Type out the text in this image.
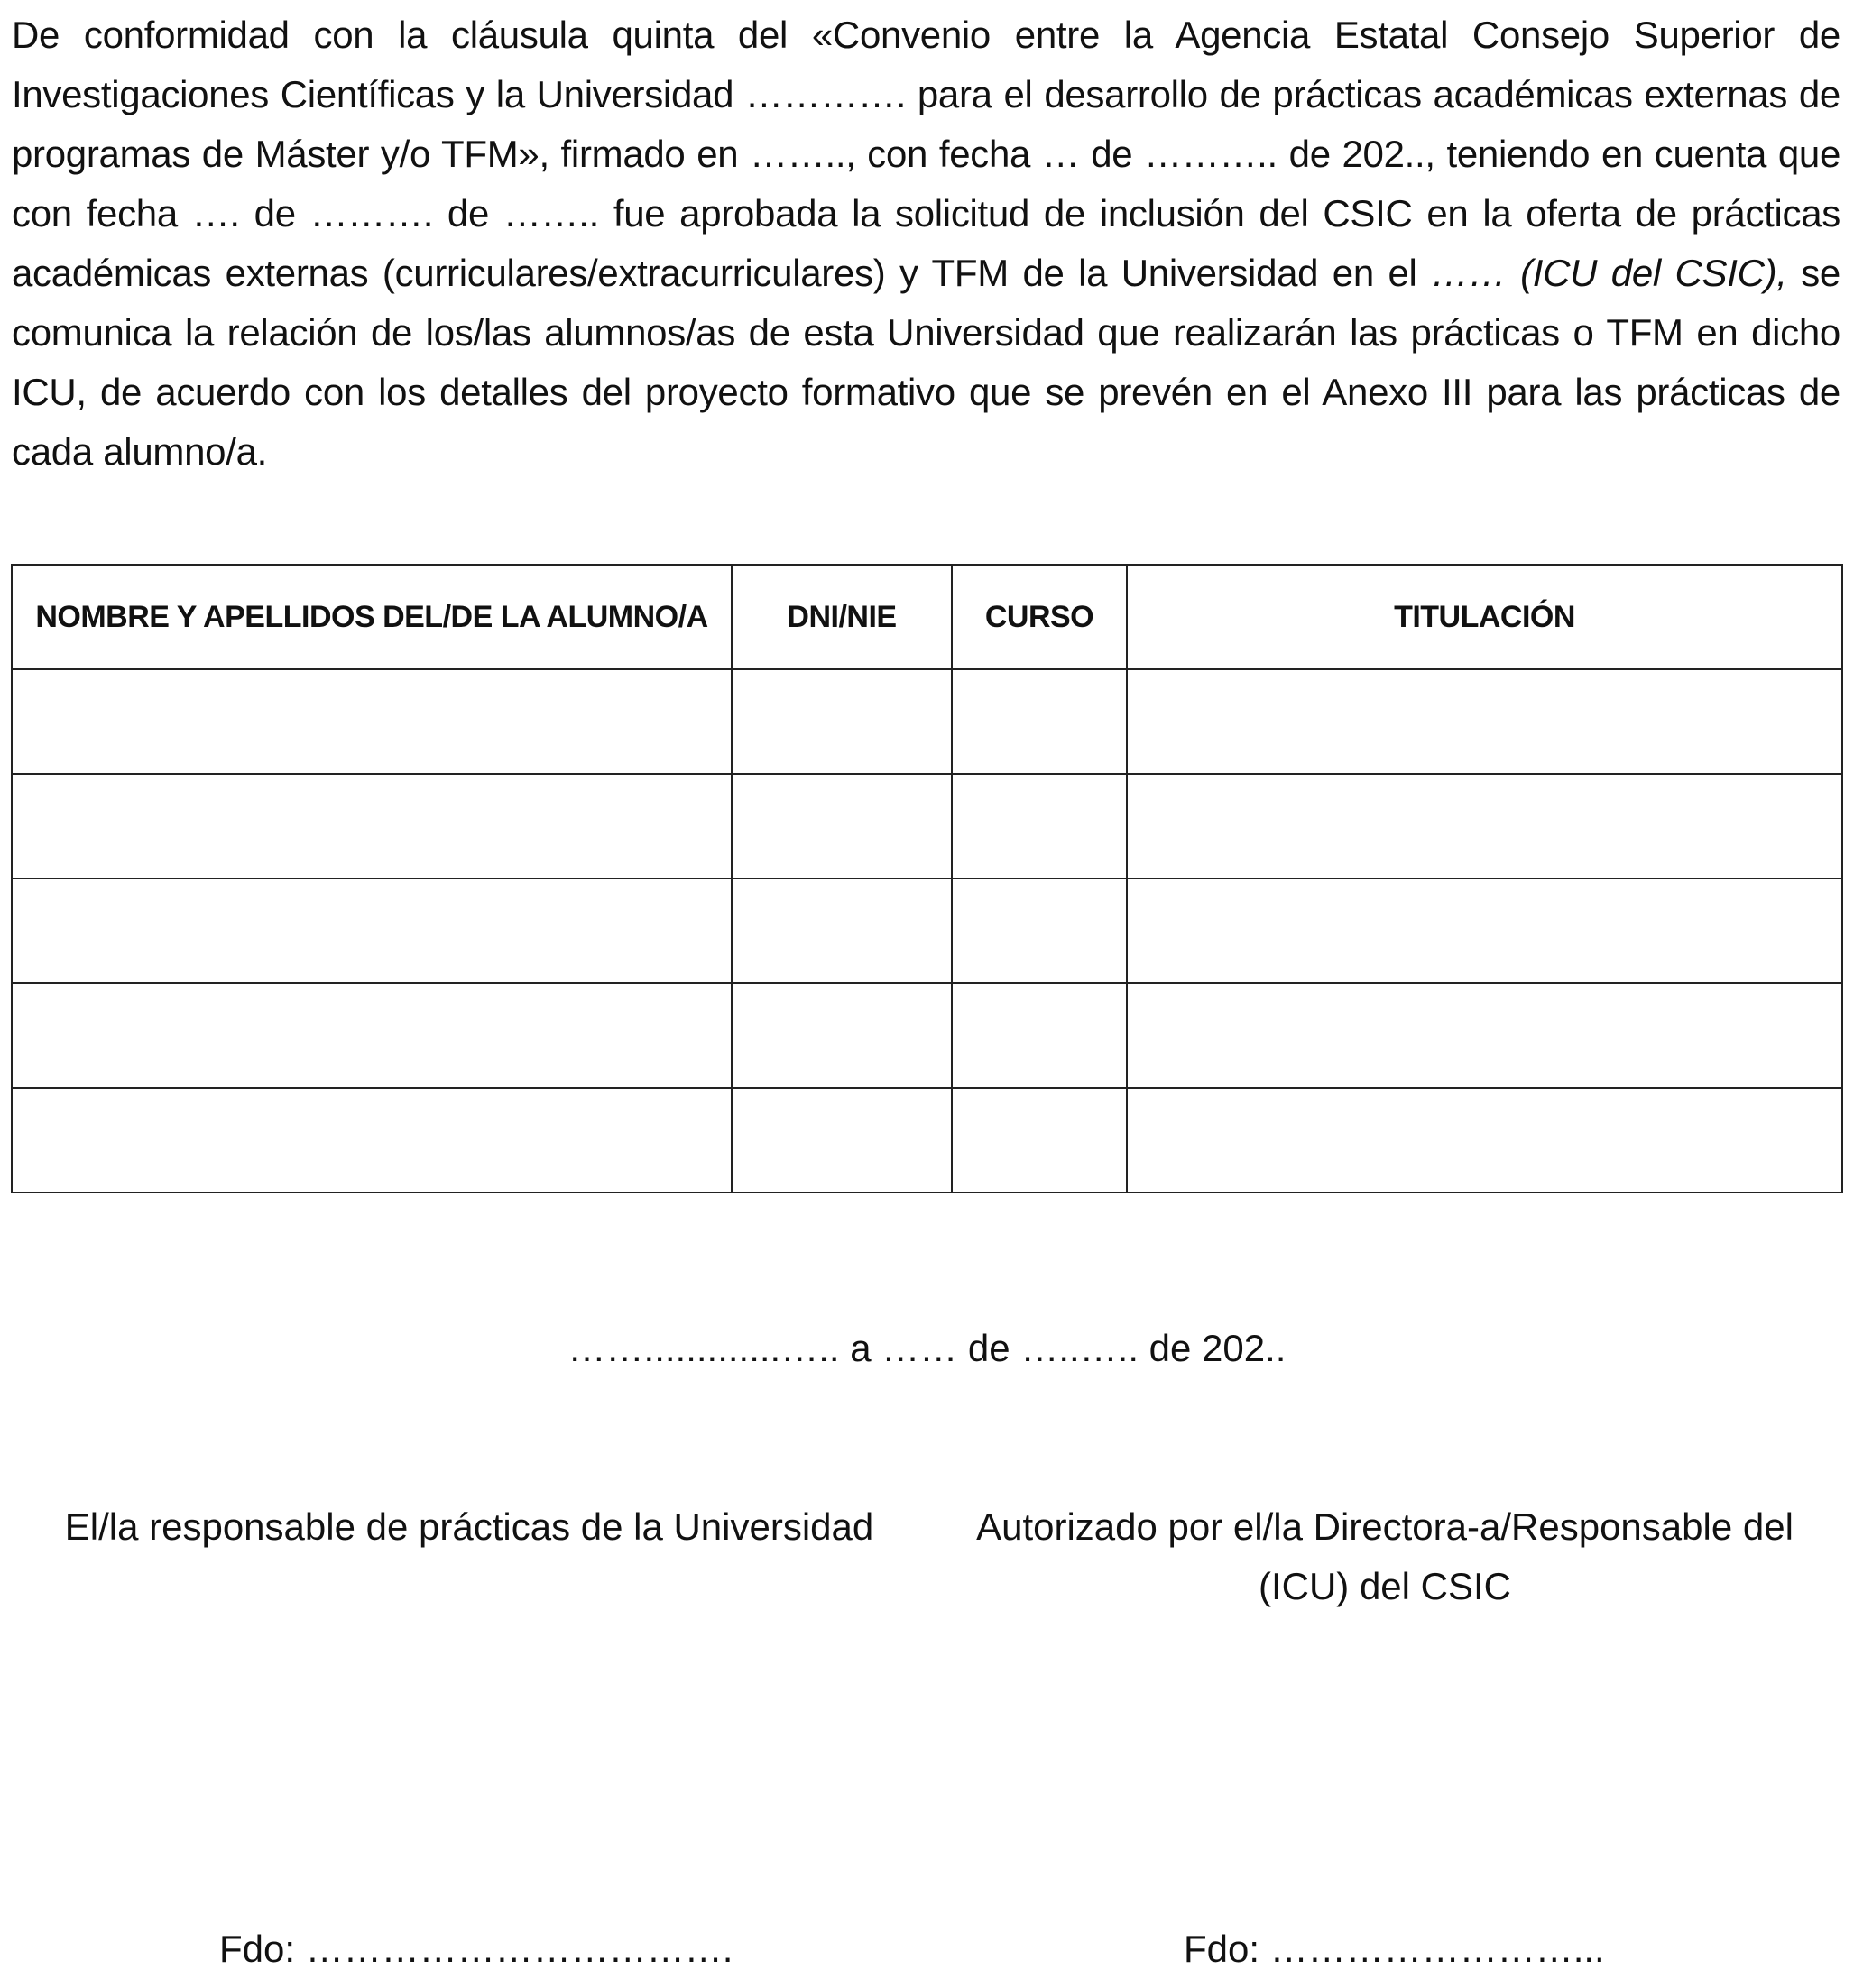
De conformidad con la cláusula quinta del «Convenio entre la Agencia Estatal Consejo Superior de Investigaciones Científicas y la Universidad …………. para el desarrollo de prácticas académicas externas de programas de Máster y/o TFM», firmado en …….., con fecha … de ……….. de 202.., teniendo en cuenta que con fecha …. de ………. de …….. fue aprobada la solicitud de inclusión del CSIC en la oferta de prácticas académicas externas (curriculares/extracurriculares) y TFM de la Universidad en el …… (ICU del CSIC), se comunica la relación de los/las alumnos/as de esta Universidad que realizarán las prácticas o TFM en dicho ICU, de acuerdo con los detalles del proyecto formativo que se prevén en el Anexo III para las prácticas de cada alumno/a.

NOMBRE Y APELLIDOS DEL/DE LA ALUMNO/A	DNI/NIE	CURSO	TITULACIÓN

…….............….. a …… de …..….. de 202..
El/la responsable de prácticas de la Universidad	Autorizado por el/la Directora-a/Responsable del
(ICU) del CSIC
Fdo: …………………………….	Fdo: ……………………...
